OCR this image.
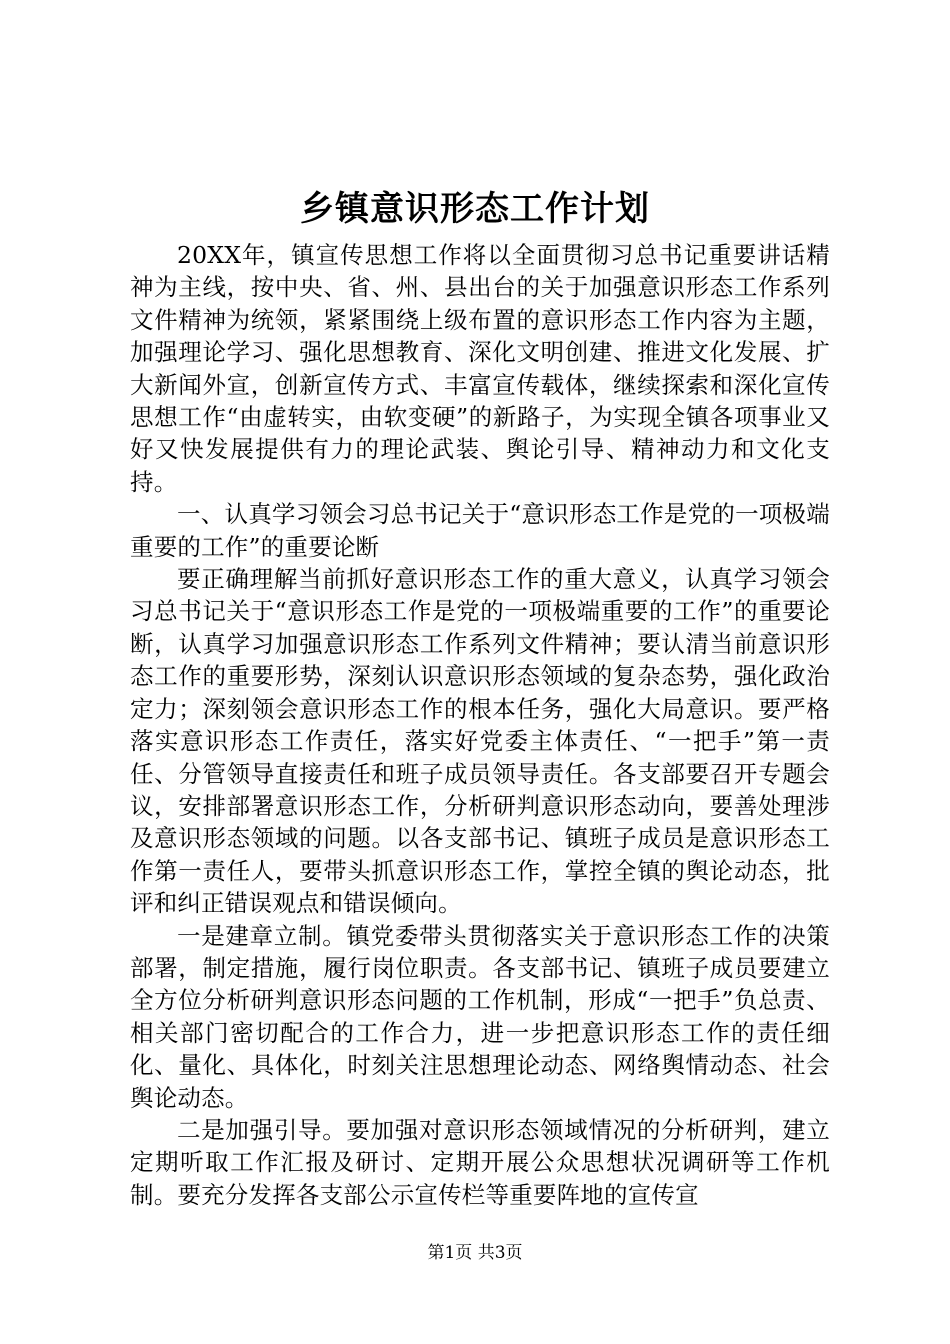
乡镇意识形态工作计划

20XX年，镇宣传思想工作将以全面贯彻习总书记重要讲话精神为主线，按中央、省、州、县出台的关于加强意识形态工作系列文件精神为统领，紧紧围绕上级布置的意识形态工作内容为主题，加强理论学习、强化思想教育、深化文明创建、推进文化发展、扩大新闻外宣，创新宣传方式、丰富宣传载体，继续探索和深化宣传思想工作“由虚转实，由软变硬”的新路子，为实现全镇各项事业又好又快发展提供有力的理论武装、舆论引导、精神动力和文化支持。

一、认真学习领会习总书记关于“意识形态工作是党的一项极端重要的工作”的重要论断

要正确理解当前抓好意识形态工作的重大意义，认真学习领会习总书记关于“意识形态工作是党的一项极端重要的工作”的重要论断，认真学习加强意识形态工作系列文件精神；要认清当前意识形态工作的重要形势，深刻认识意识形态领域的复杂态势，强化政治定力；深刻领会意识形态工作的根本任务，强化大局意识。要严格落实意识形态工作责任，落实好党委主体责任、“一把手”第一责任、分管领导直接责任和班子成员领导责任。各支部要召开专题会议，安排部署意识形态工作，分析研判意识形态动向，要善处理涉及意识形态领域的问题。以各支部书记、镇班子成员是意识形态工作第一责任人，要带头抓意识形态工作，掌控全镇的舆论动态，批评和纠正错误观点和错误倾向。

一是建章立制。镇党委带头贯彻落实关于意识形态工作的决策部署，制定措施，履行岗位职责。各支部书记、镇班子成员要建立全方位分析研判意识形态问题的工作机制，形成“一把手”负总责、相关部门密切配合的工作合力，进一步把意识形态工作的责任细化、量化、具体化，时刻关注思想理论动态、网络舆情动态、社会舆论动态。

二是加强引导。要加强对意识形态领域情况的分析研判，建立定期听取工作汇报及研讨、定期开展公众思想状况调研等工作机制。要充分发挥各支部公示宣传栏等重要阵地的宣传宣

第1页 共3页
